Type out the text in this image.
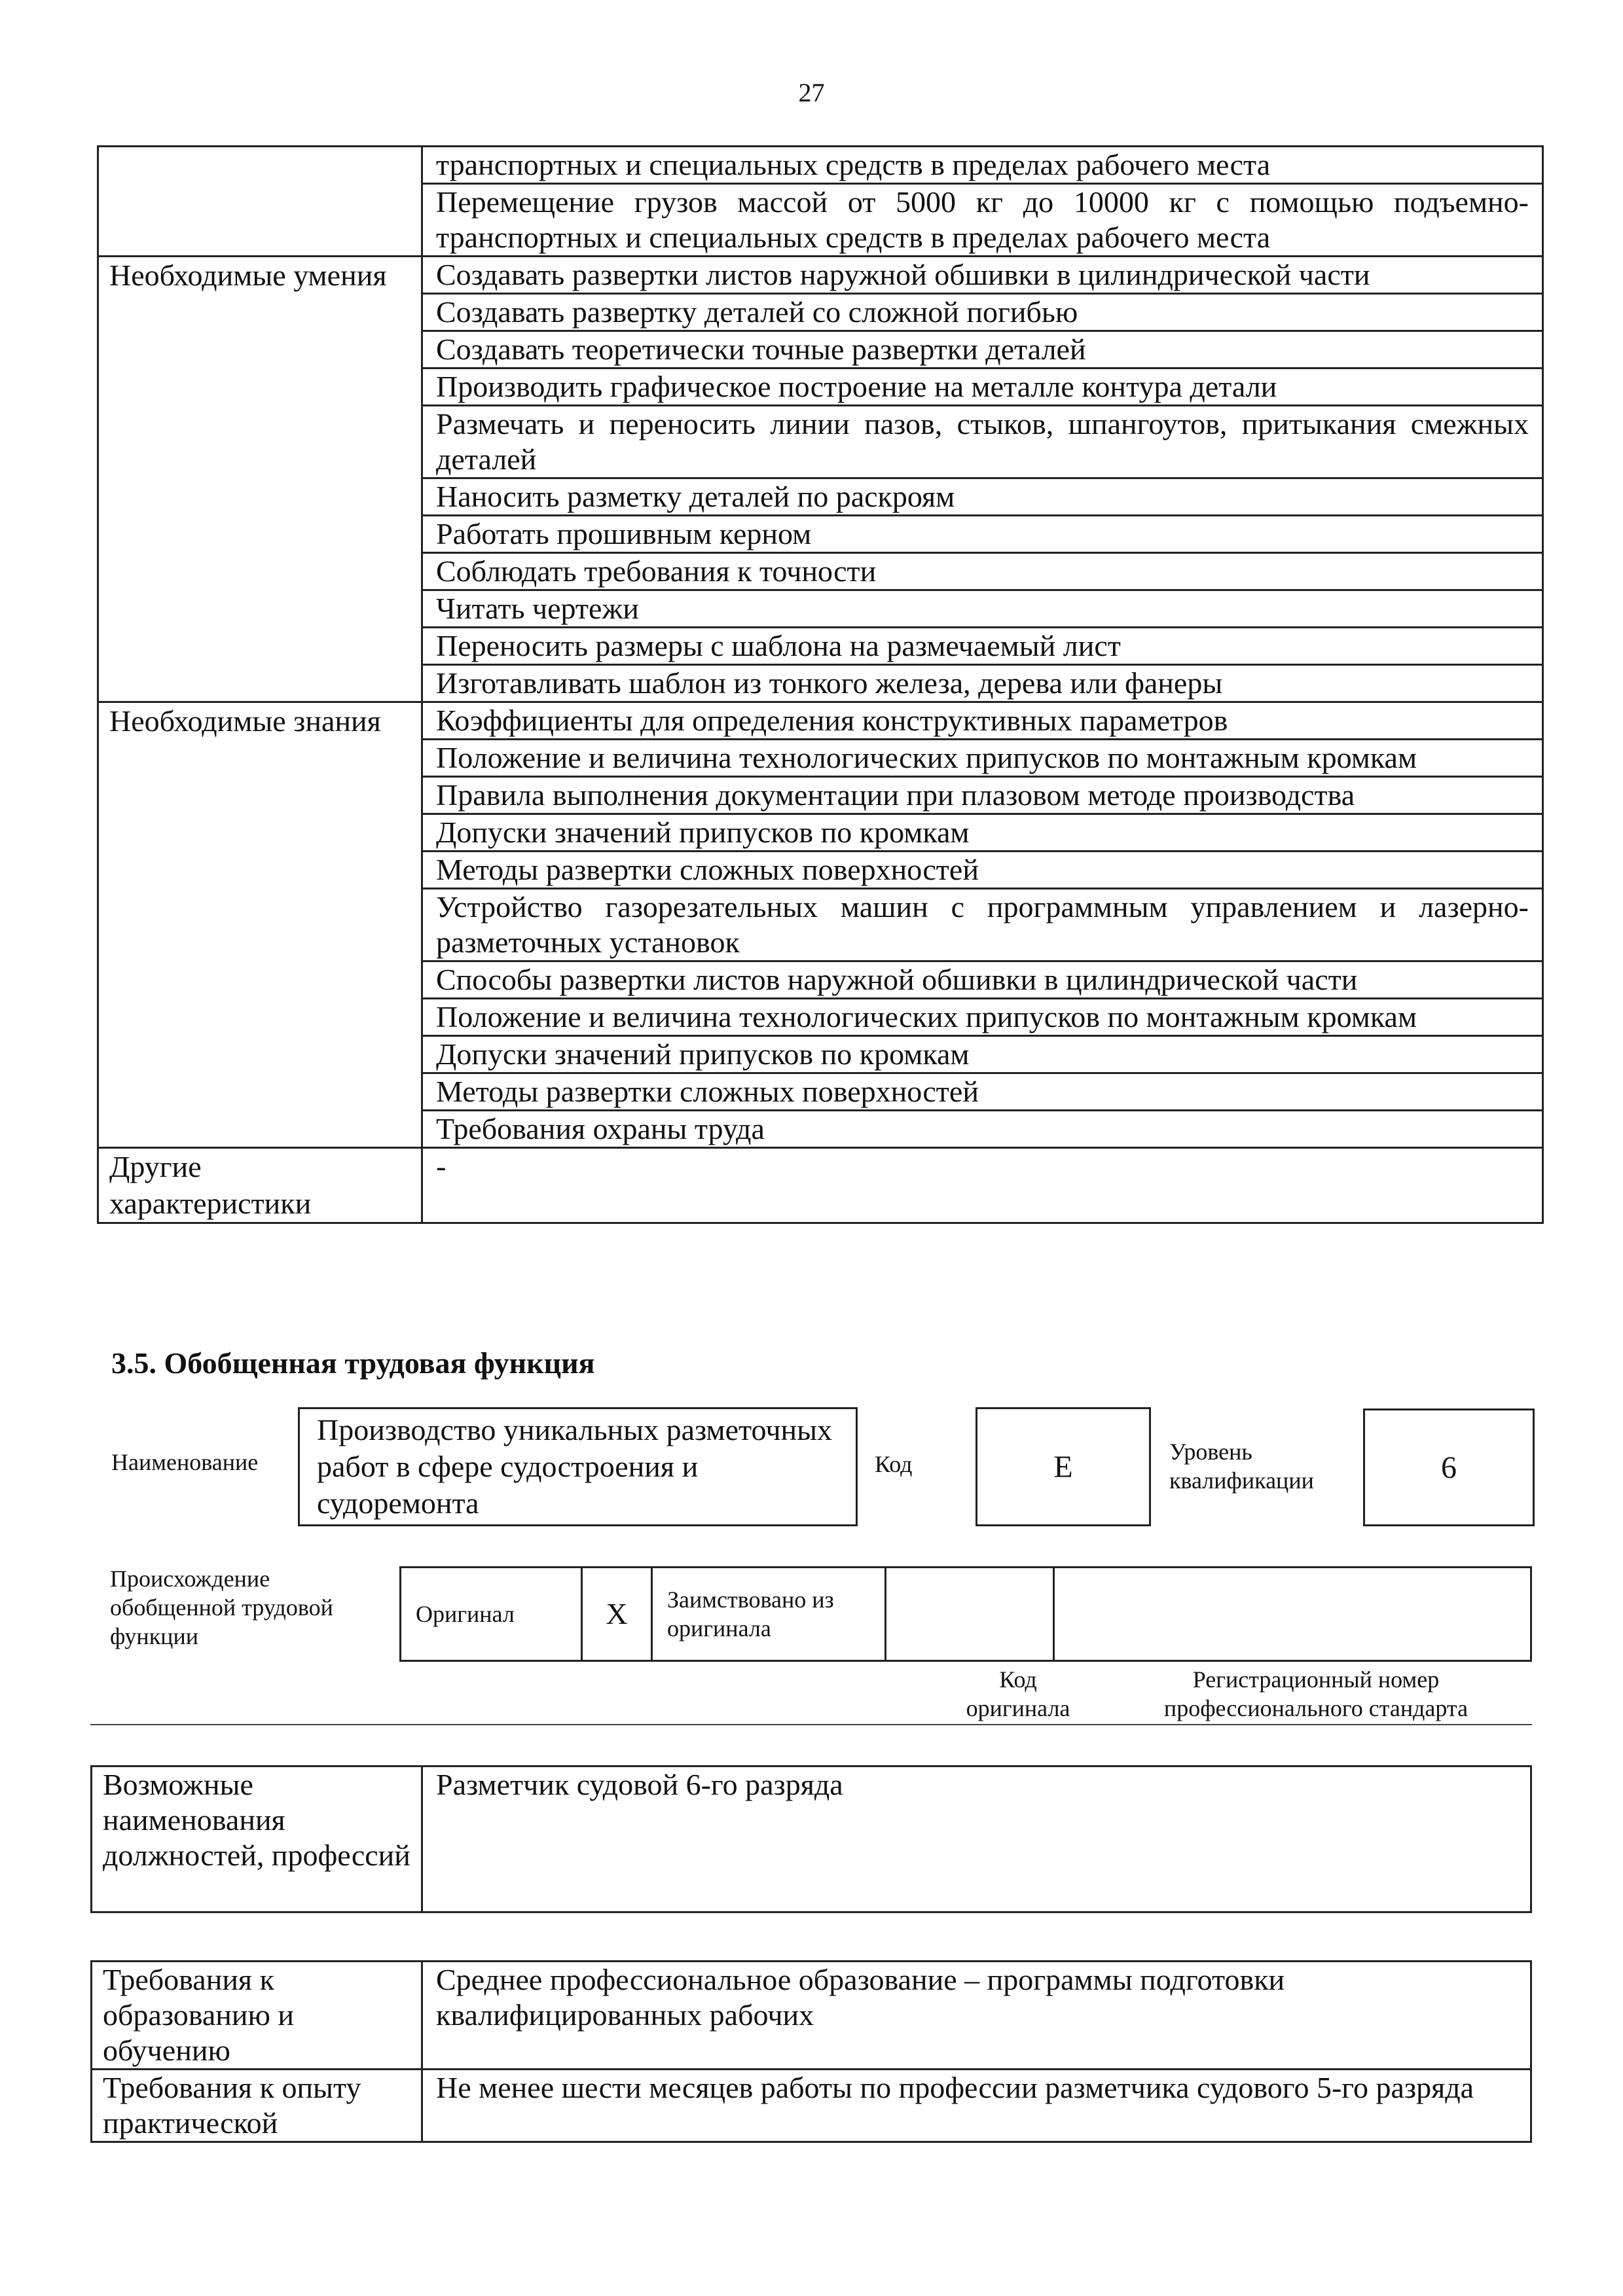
27

	транспортных и специальных средств в пределах рабочего места

	Перемещение грузов массой от 5000 кг до 10000 кг с помощью подъемно-транспортных и специальных средств в пределах рабочего места

Необходимые умения	Создавать развертки листов наружной обшивки в цилиндрической части

	Создавать развертку деталей со сложной погибью

	Создавать теоретически точные развертки деталей

	Производить графическое построение на металле контура детали

	Размечать и переносить линии пазов, стыков, шпангоутов, притыкания смежных деталей

	Наносить разметку деталей по раскроям

	Работать прошивным керном

	Соблюдать требования к точности

	Читать чертежи

	Переносить размеры с шаблона на размечаемый лист

	Изготавливать шаблон из тонкого железа, дерева или фанеры

Необходимые знания	Коэффициенты для определения конструктивных параметров

	Положение и величина технологических припусков по монтажным кромкам

	Правила выполнения документации при плазовом методе производства

	Допуски значений припусков по кромкам

	Методы развертки сложных поверхностей

	Устройство газорезательных машин с программным управлением и лазерно-разметочных установок

	Способы развертки листов наружной обшивки в цилиндрической части

	Положение и величина технологических припусков по монтажным кромкам

	Допуски значений припусков по кромкам

	Методы развертки сложных поверхностей

	Требования охраны труда

Другие характеристики	-
3.5. Обобщенная трудовая функция
Наименование
Производство уникальных разметочных работ в сфере судостроения и судоремонта
Код	E	Уровень квалификации	6
Происхождение обобщенной трудовой функции
Оригинал	X	Заимствовано из оригинала		
Код оригинала
Регистрационный номер профессионального стандарта
Возможные наименования должностей, профессий	Разметчик судовой 6-го разряда
Требования к образованию и обучению	Среднее профессиональное образование – программы подготовки квалифицированных рабочих
Требования к опыту практической	Не менее шести месяцев работы по профессии разметчика судового 5-го разряда
